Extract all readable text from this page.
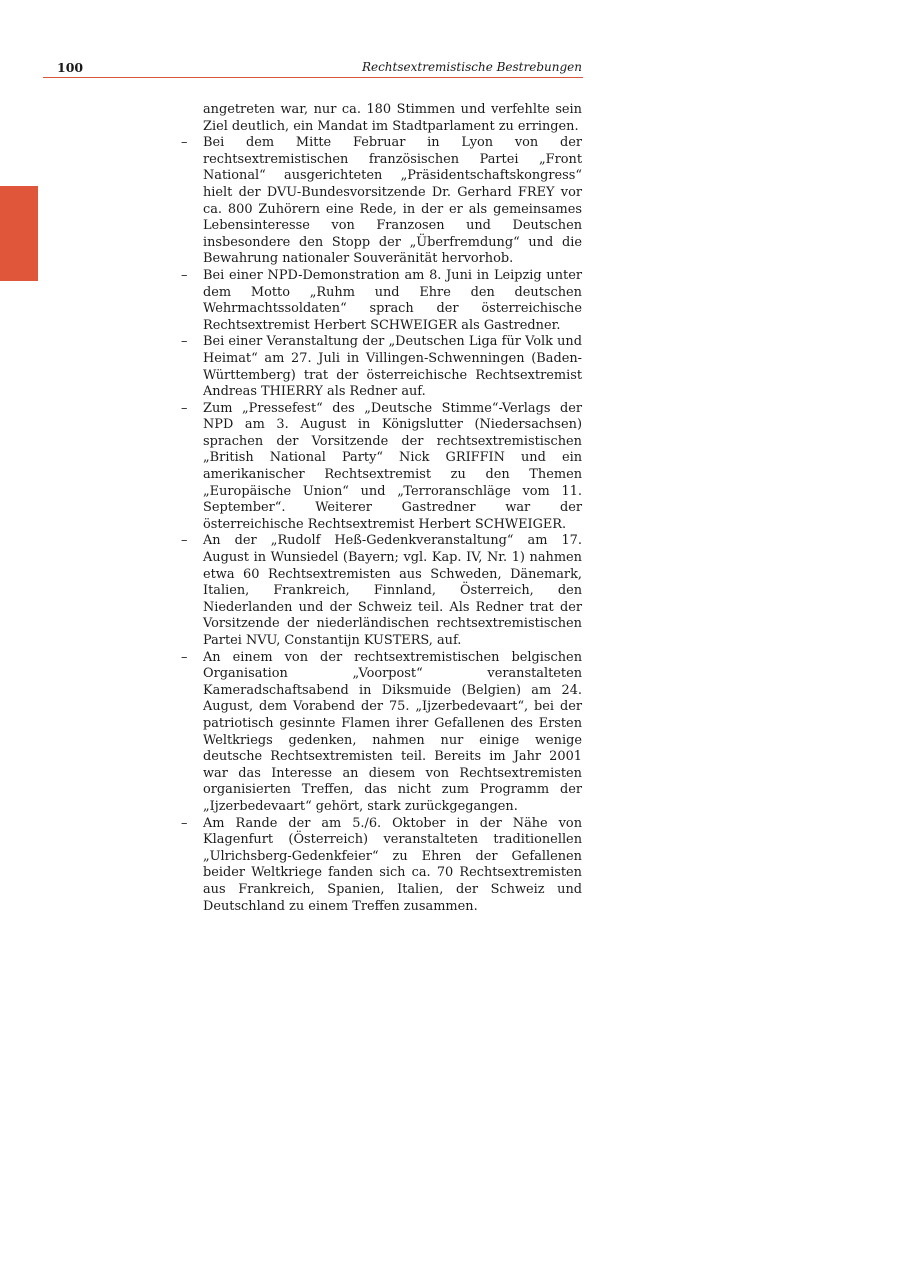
100	Rechtsextremistische Bestrebungen

angetreten war, nur ca. 180 Stimmen und verfehlte sein Ziel deutlich, ein Mandat im Stadtparlament zu erringen.

– Bei dem Mitte Februar in Lyon von der rechtsextremistischen französischen Partei „Front National“ ausgerichteten „Präsidentschaftskongress“ hielt der DVU-Bundesvorsitzende Dr. Gerhard FREY vor ca. 800 Zuhörern eine Rede, in der er als gemeinsames Lebensinteresse von Franzosen und Deutschen insbesondere den Stopp der „Überfremdung“ und die Bewahrung nationaler Souveränität hervorhob.
– Bei einer NPD-Demonstration am 8. Juni in Leipzig unter dem Motto „Ruhm und Ehre den deutschen Wehrmachtssoldaten“ sprach der österreichische Rechtsextremist Herbert SCHWEIGER als Gastredner.
– Bei einer Veranstaltung der „Deutschen Liga für Volk und Heimat“ am 27. Juli in Villingen-Schwenningen (Baden-Württemberg) trat der österreichische Rechtsextremist Andreas THIERRY als Redner auf.
– Zum „Pressefest“ des „Deutsche Stimme“-Verlags der NPD am 3. August in Königslutter (Niedersachsen) sprachen der Vorsitzende der rechtsextremistischen „British National Party“ Nick GRIFFIN und ein amerikanischer Rechtsextremist zu den Themen „Europäische Union“ und „Terroranschläge vom 11. September“. Weiterer Gastredner war der österreichische Rechtsextremist Herbert SCHWEIGER.
– An der „Rudolf Heß-Gedenkveranstaltung“ am 17. August in Wunsiedel (Bayern; vgl. Kap. IV, Nr. 1) nahmen etwa 60 Rechtsextremisten aus Schweden, Dänemark, Italien, Frankreich, Finnland, Österreich, den Niederlanden und der Schweiz teil. Als Redner trat der Vorsitzende der niederländischen rechtsextremistischen Partei NVU, Constantijn KUSTERS, auf.
– An einem von der rechtsextremistischen belgischen Organisation „Voorpost“ veranstalteten Kameradschaftsabend in Diksmuide (Belgien) am 24. August, dem Vorabend der 75. „Ijzerbedevaart“, bei der patriotisch gesinnte Flamen ihrer Gefallenen des Ersten Weltkriegs gedenken, nahmen nur einige wenige deutsche Rechtsextremisten teil. Bereits im Jahr 2001 war das Interesse an diesem von Rechtsextremisten organisierten Treffen, das nicht zum Programm der „Ijzerbedevaart“ gehört, stark zurückgegangen.
– Am Rande der am 5./6. Oktober in der Nähe von Klagenfurt (Österreich) veranstalteten traditionellen „Ulrichsberg-Gedenkfeier“ zu Ehren der Gefallenen beider Weltkriege fanden sich ca. 70 Rechtsextremisten aus Frankreich, Spanien, Italien, der Schweiz und Deutschland zu einem Treffen zusammen.
